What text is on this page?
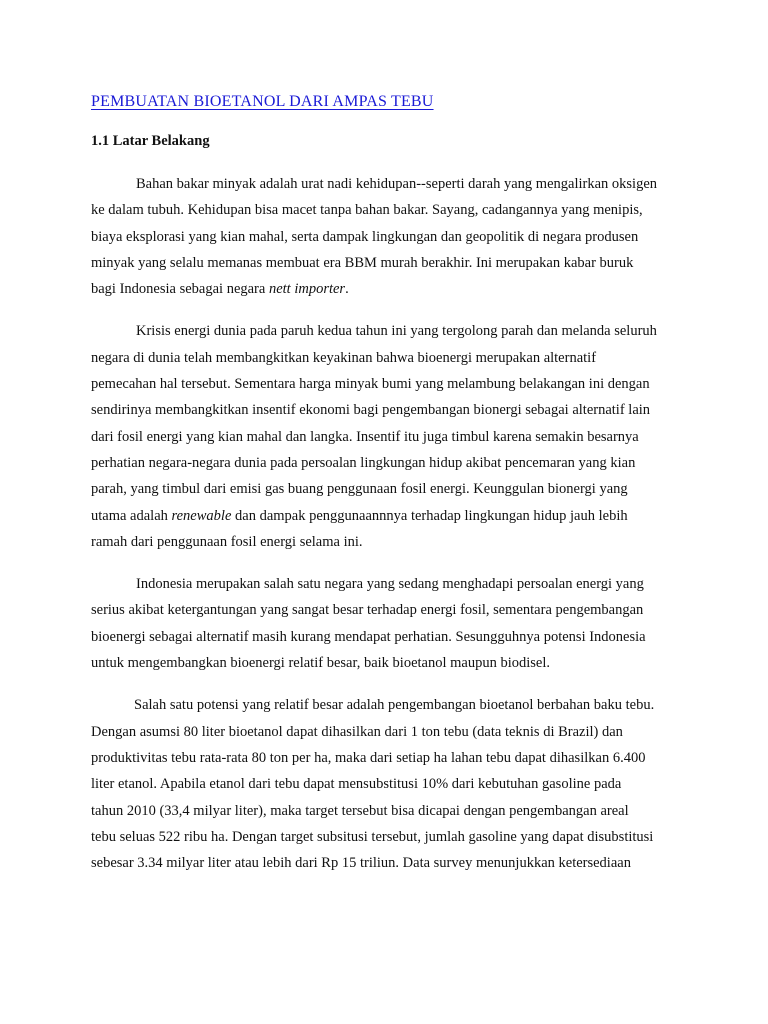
PEMBUATAN BIOETANOL DARI AMPAS TEBU
1.1 Latar Belakang

Bahan bakar minyak adalah urat nadi kehidupan--seperti darah yang mengalirkan oksigen
ke dalam tubuh. Kehidupan bisa macet tanpa bahan bakar. Sayang, cadangannya yang menipis,
biaya eksplorasi yang kian mahal, serta dampak lingkungan dan geopolitik di negara produsen
minyak yang selalu memanas membuat era BBM murah berakhir. Ini merupakan kabar buruk
bagi Indonesia sebagai negara nett importer.

Krisis energi dunia pada paruh kedua tahun ini yang tergolong parah dan melanda seluruh
negara di dunia telah membangkitkan keyakinan bahwa bioenergi merupakan alternatif
pemecahan hal tersebut. Sementara harga minyak bumi yang melambung belakangan ini dengan
sendirinya membangkitkan insentif ekonomi bagi pengembangan bionergi sebagai alternatif lain
dari fosil energi yang kian mahal dan langka. Insentif itu juga timbul karena semakin besarnya
perhatian negara-negara dunia pada persoalan lingkungan hidup akibat pencemaran yang kian
parah, yang timbul dari emisi gas buang penggunaan fosil energi. Keunggulan bionergi yang
utama adalah renewable dan dampak penggunaannnya terhadap lingkungan hidup jauh lebih
ramah dari penggunaan fosil energi selama ini.

Indonesia merupakan salah satu negara yang sedang menghadapi persoalan energi yang
serius akibat ketergantungan yang sangat besar terhadap energi fosil, sementara pengembangan
bioenergi sebagai alternatif masih kurang mendapat perhatian. Sesungguhnya potensi Indonesia
untuk mengembangkan bioenergi relatif besar, baik bioetanol maupun biodisel.

Salah satu potensi yang relatif besar adalah pengembangan bioetanol berbahan baku tebu.
Dengan asumsi 80 liter bioetanol dapat dihasilkan dari 1 ton tebu (data teknis di Brazil) dan
produktivitas tebu rata-rata 80 ton per ha, maka dari setiap ha lahan tebu dapat dihasilkan 6.400
liter etanol. Apabila etanol dari tebu dapat mensubstitusi 10% dari kebutuhan gasoline pada
tahun 2010 (33,4 milyar liter), maka target tersebut bisa dicapai dengan pengembangan areal
tebu seluas 522 ribu ha. Dengan target subsitusi tersebut, jumlah gasoline yang dapat disubstitusi
sebesar 3.34 milyar liter atau lebih dari Rp 15 triliun. Data survey menunjukkan ketersediaan
